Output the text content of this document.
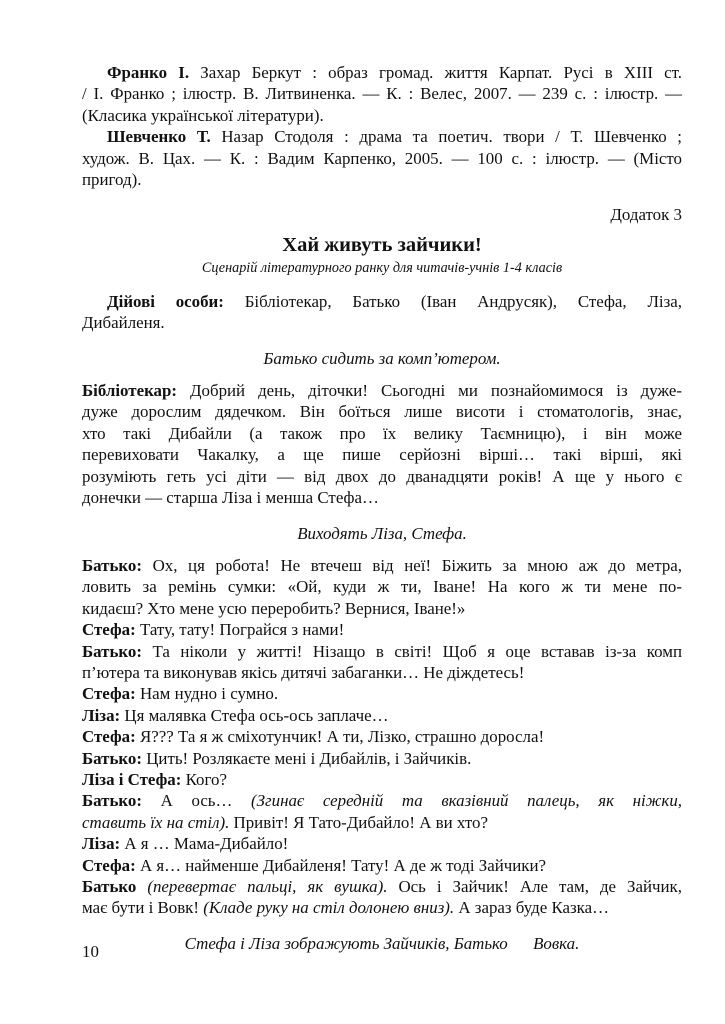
Франко І. Захар Беркут : образ громад. життя Карпат. Русі в XIII ст.

/ І. Франко ; ілюстр. В. Литвиненка. — К. : Велес, 2007. — 239 с. : ілюстр. —

(Класика української літератури).

Шевченко Т. Назар Стодоля : драма та поетич. твори / Т. Шевченко ;

худож. В. Цах. — К. : Вадим Карпенко, 2005. — 100 с. : ілюстр. — (Місто

пригод).

Додаток 3

Хай живуть зайчики!
Сценарій літературного ранку для читачів-учнів 1-4 класів

Дійові особи: Бібліотекар, Батько (Іван Андрусяк), Стефа, Ліза,

Дибайленя.

Батько сидить за комп’ютером.

Бібліотекар: Добрий день, діточки! Сьогодні ми познайомимося із дуже-

дуже дорослим дядечком. Він боїться лише висоти і стоматологів, знає,

хто такі Дибайли (а також про їх велику Таємницю), і він може

перевиховати Чакалку, а ще пише серйозні вірші… такі вірші, які

розуміють геть усі діти — від двох до дванадцяти років! А ще у нього є

донечки — старша Ліза і менша Стефа…

Виходять Ліза, Стефа.

Батько: Ох, ця робота! Не втечеш від неї! Біжить за мною аж до метра,

ловить за ремінь сумки: «Ой, куди ж ти, Іване! На кого ж ти мене по-

кидаєш? Хто мене усю переробить? Вернися, Іване!»

Стефа: Тату, тату! Пограйся з нами!

Батько: Та ніколи у житті! Нізащо в світі! Щоб я оце вставав із-за комп

п’ютера та виконував якісь дитячі забаганки… Не діждетесь!

Стефа: Нам нудно і сумно.

Ліза: Ця малявка Стефа ось-ось заплаче…

Стефа: Я??? Та я ж сміхотунчик! А ти, Лізко, страшно доросла!

Батько: Цить! Розлякаєте мені і Дибайлів, і Зайчиків.

Ліза і Стефа: Кого?

Батько: А ось… (Згинає середній та вказівний палець, як ніжки,

ставить їх на стіл). Привіт! Я Тато-Дибайло! А ви хто?

Ліза: А я … Мама-Дибайло!

Стефа: А я… найменше Дибайленя! Тату! А де ж тоді Зайчики?

Батько (перевертає пальці, як вушка). Ось і Зайчик! Але там, де Зайчик,

має бути і Вовк! (Кладе руку на стіл долонею вниз). А зараз буде Казка…

Стефа і Ліза зображують Зайчиків, Батько      Вовка.

10
